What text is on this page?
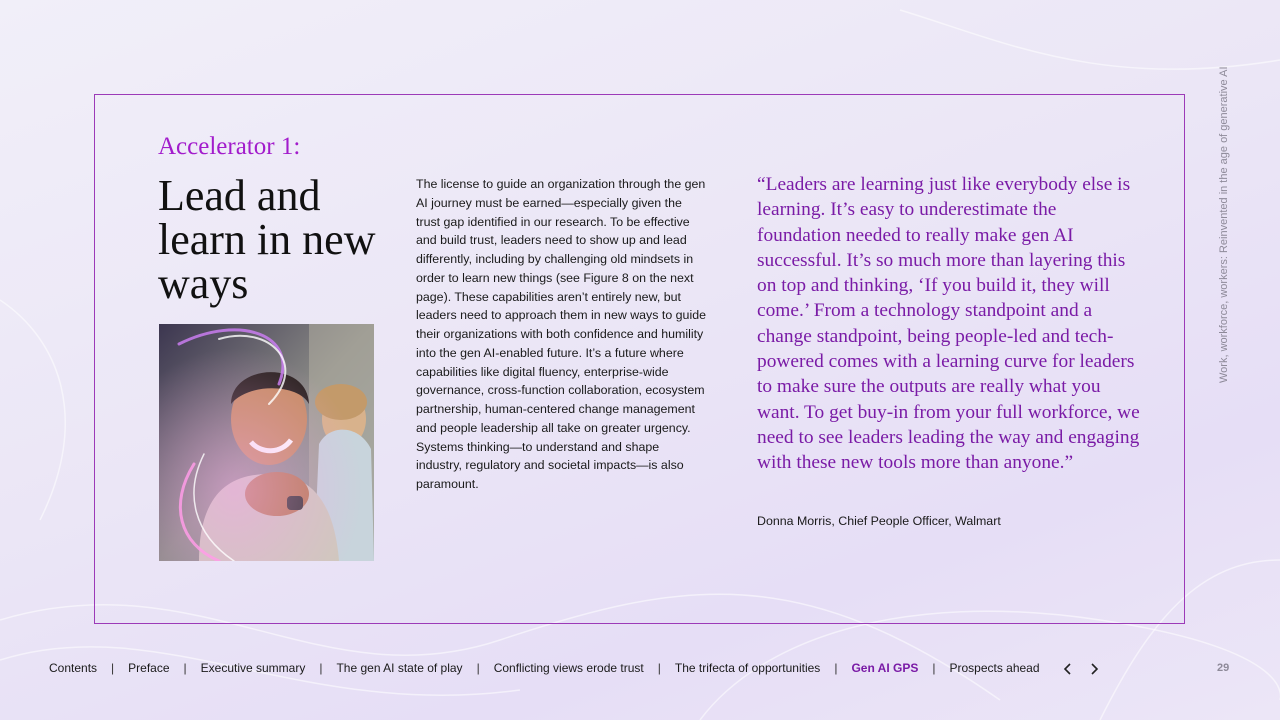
Work, workforce, workers: Reinvented in the age of generative AI

Accelerator 1:
Lead and learn in new ways

The license to guide an organization through the gen AI journey must be earned—especially given the trust gap identified in our research. To be effective and build trust, leaders need to show up and lead differently, including by challenging old mindsets in order to learn new things (see Figure 8 on the next page). These capabilities aren’t entirely new, but leaders need to approach them in new ways to guide their organizations with both confidence and humility into the gen AI-enabled future. It’s a future where capabilities like digital fluency, enterprise-wide governance, cross-function collaboration, ecosystem partnership, human-centered change management and people leadership all take on greater urgency. Systems thinking—to understand and shape industry, regulatory and societal impacts—is also paramount.

“Leaders are learning just like everybody else is learning. It’s easy to underestimate the foundation needed to really make gen AI successful. It’s so much more than layering this on top and thinking, ‘If you build it, they will come.’ From a technology standpoint and a change standpoint, being people-led and tech-powered comes with a learning curve for leaders to make sure the outputs are really what you want. To get buy-in from your full workforce, we need to see leaders leading the way and engaging with these new tools more than anyone.”

Donna Morris, Chief People Officer, Walmart

Contents | Preface | Executive summary | The gen AI state of play | Conflicting views erode trust | The trifecta of opportunities | Gen AI GPS | Prospects ahead	29
